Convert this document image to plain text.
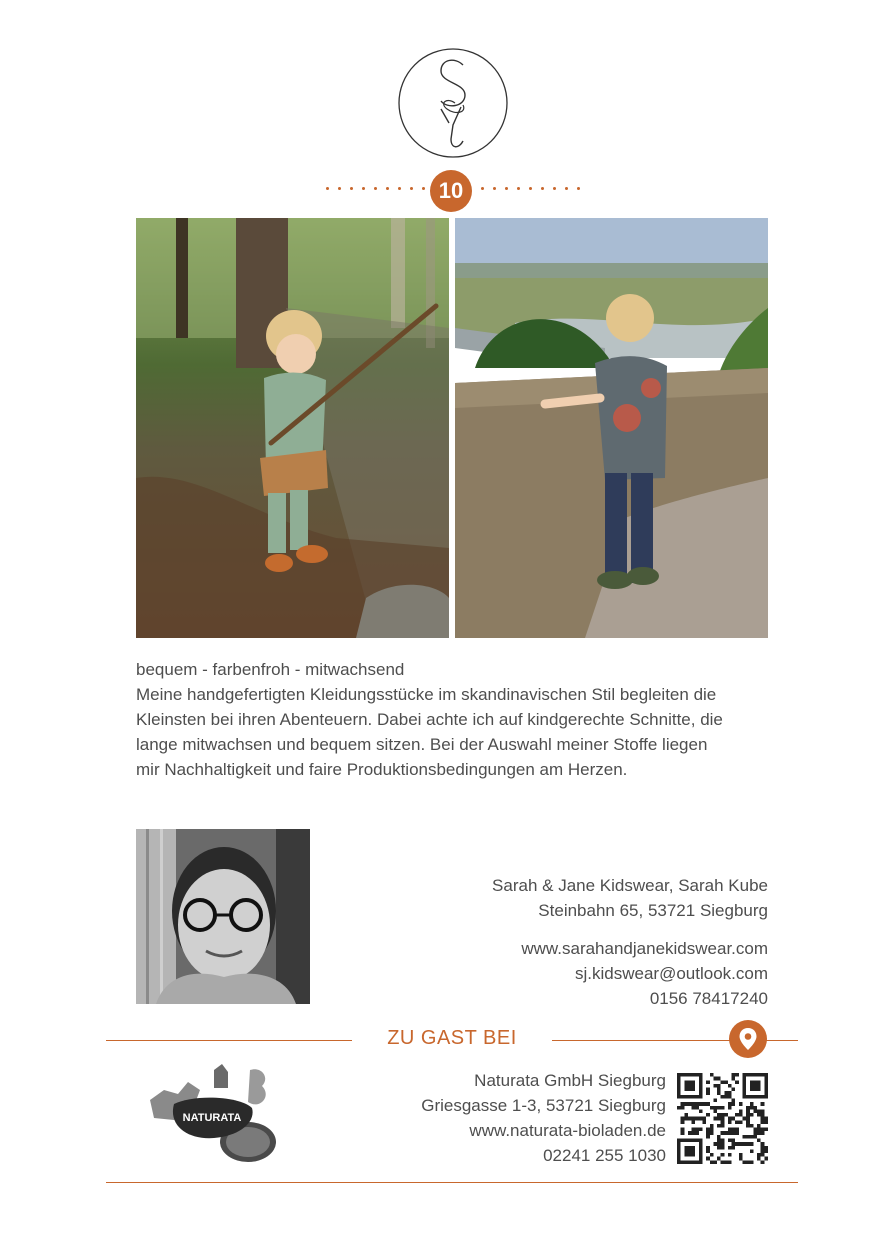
10

bequem - farbenfroh - mitwachsend

Meine handgefertigten Kleidungsstücke im skandinavischen Stil begleiten die

Kleinsten bei ihren Abenteuern. Dabei achte ich auf kindgerechte Schnitte, die

lange mitwachsen und bequem sitzen. Bei der Auswahl meiner Stoffe liegen

mir Nachhaltigkeit und faire Produktionsbedingungen am Herzen.

Sarah & Jane Kidswear, Sarah Kube
Steinbahn 65, 53721 Siegburg
www.sarahandjanekidswear.com
sj.kidswear@outlook.com
0156 78417240
ZU GAST BEI
NATURATA
Naturata GmbH Siegburg
Griesgasse 1-3, 53721 Siegburg
www.naturata-bioladen.de
02241 255 1030
